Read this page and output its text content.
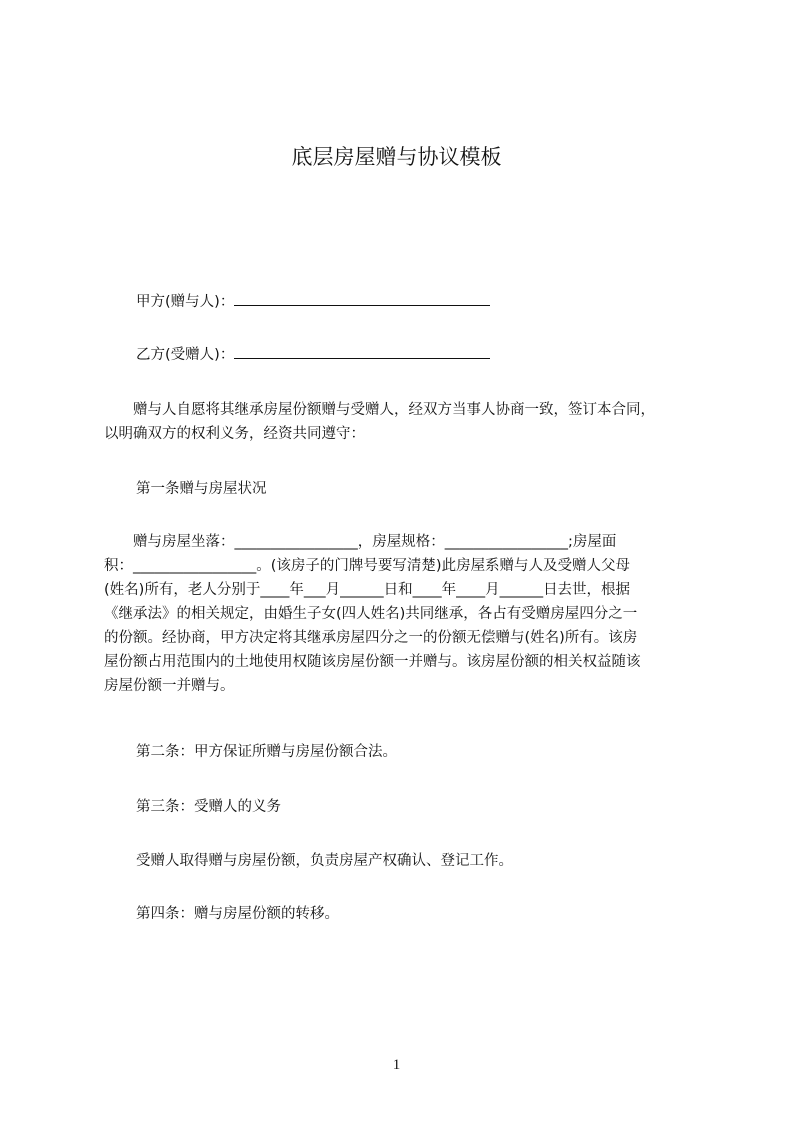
底层房屋赠与协议模板
甲方(赠与人)：
乙方(受赠人)：

　　赠与人自愿将其继承房屋份额赠与受赠人，经双方当事人协商一致，签订本合同，

以明确双方的权利义务，经资共同遵守：

第一条赠与房屋状况

　　赠与房屋坐落：_________________，房屋规格：_________________;房屋面

积：_________________。(该房子的门牌号要写清楚)此房屋系赠与人及受赠人父母

(姓名)所有，老人分别于____年___月______日和____年____月______日去世，根据

《继承法》的相关规定，由婚生子女(四人姓名)共同继承，各占有受赠房屋四分之一

的份额。经协商，甲方决定将其继承房屋四分之一的份额无偿赠与(姓名)所有。该房

屋份额占用范围内的土地使用权随该房屋份额一并赠与。该房屋份额的相关权益随该

房屋份额一并赠与。

第二条：甲方保证所赠与房屋份额合法。
第三条：受赠人的义务
受赠人取得赠与房屋份额，负责房屋产权确认、登记工作。
第四条：赠与房屋份额的转移。
1
